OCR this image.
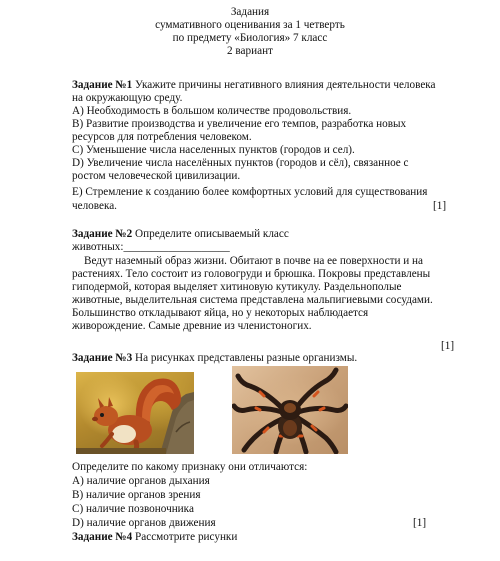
Задания
суммативного оценивания за 1 четверть
по предмету «Биология» 7 класс
2 вариант
Задание №1 Укажите причины негативного влияния деятельности человека
на окружающую среду.
А) Необходимость в большом количестве продовольствия.
В) Развитие производства и увеличение его темпов, разработка новых
ресурсов для потребления человеком.
С) Уменьшение числа населенных пунктов (городов и сел).
D) Увеличение числа населённых пунктов (городов и сёл), связанное с
ростом человеческой цивилизации.
Е) Стремление к созданию более комфортных условий для существования
человека.	[1]
Задание №2 Определите описываемый класс
животных:___________________
Ведут наземный образ жизни. Обитают в почве на ее поверхности и на
растениях. Тело состоит из головогруди и брюшка. Покровы представлены
гиподермой, которая выделяет хитиновую кутикулу. Раздельнополые
животные, выделительная система представлена мальпигиевыми сосудами.
Большинство откладывают яйца, но у некоторых наблюдается
живорождение. Самые древние из членистоногих.
[1]
Задание №3 На рисунках представлены разные организмы.
Определите по какому признаку они отличаются:
А) наличие органов дыхания
В) наличие органов зрения
С) наличие позвоночника
D) наличие органов движения	[1]
Задание №4 Рассмотрите рисунки
